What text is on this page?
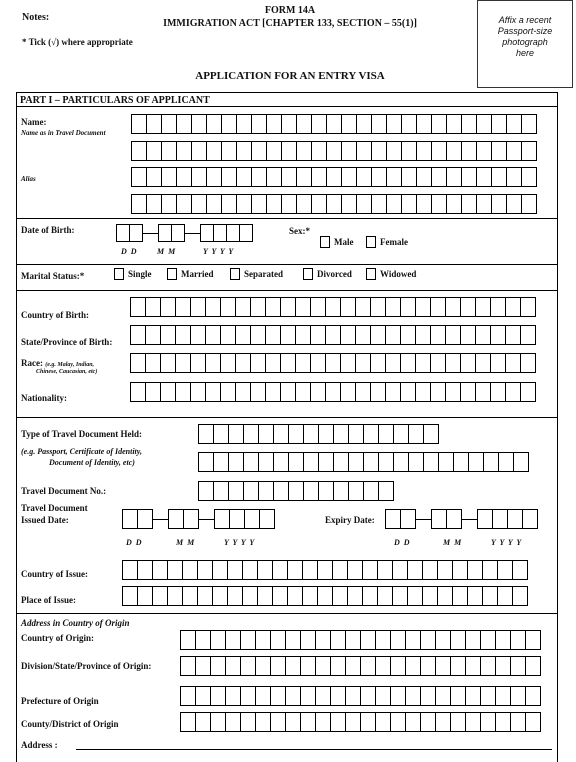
Notes:
* Tick (√) where appropriate
FORM 14A
IMMIGRATION ACT [CHAPTER 133, SECTION – 55(1)]	Affix a recent
Passport-size
photograph
here
APPLICATION FOR AN ENTRY VISA
PART I – PARTICULARS OF APPLICANT
Name:
Name as in Travel Document
Alias
Date of Birth:
D D M M	Y Y Y Y
Sex:*
Male	Female
Marital Status:*	Single	Married	Separated	Divorced	Widowed
Country of Birth:
State/Province of Birth:
Race: (e.g. Malay, Indian,
Chinese, Caucasian, etc)
Nationality:
Type of Travel Document Held:
(e.g. Passport, Certificate of Identity,
Document of Identity, etc)
Travel Document No.:
Travel Document
Issued Date:	Expiry Date:
D D	M M	Y Y Y Y	D D	M M	Y Y Y Y
Country of Issue:
Place of Issue:
Address in Country of Origin
Country of Origin:
Division/State/Province of Origin:
Prefecture of Origin
County/District of Origin
Address :
